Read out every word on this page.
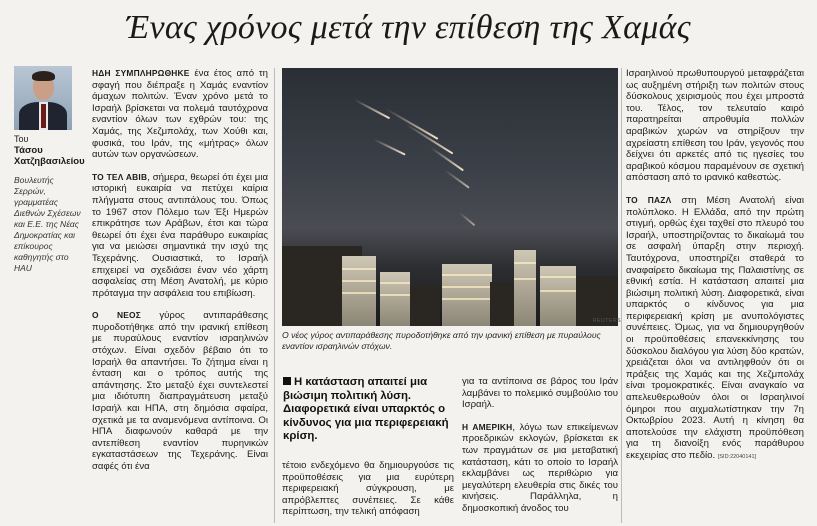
Ένας χρόνος μετά την επίθεση της Χαμάς
Του
Τάσου Χατζηβασιλείου
Βουλευτής Σερρών, γραμματέας Διεθνών Σχέσεων και Ε.Ε. της Νέας Δημοκρατίας και επίκουρος καθηγητής στο HAU

ΗΔΗ ΣΥΜΠΛΗΡΩΘΗΚΕ ένα έτος από τη σφαγή που διέπραξε η Χαμάς εναντίον άμαχων πολιτών. Έναν χρόνο μετά το Ισραήλ βρίσκεται να πολεμά ταυτόχρονα εναντίον όλων των εχθρών του: της Χαμάς, της Χεζμπολάχ, των Χούθι και, φυσικά, του Ιράν, της «μήτρας» όλων αυτών των οργανώσεων.

ΤΟ ΤΕΛ ΑΒΙΒ, σήμερα, θεωρεί ότι έχει μια ιστορική ευκαιρία να πετύχει καίρια πλήγματα στους αντιπάλους του. Όπως το 1967 στον Πόλεμο των Έξι Ημερών επικράτησε των Αράβων, έτσι και τώρα θεωρεί ότι έχει ένα παράθυρο ευκαιρίας για να μειώσει σημαντικά την ισχύ της Τεχεράνης. Ουσιαστικά, το Ισραήλ επιχειρεί να σχεδιάσει έναν νέο χάρτη ασφαλείας στη Μέση Ανατολή, με κύριο πρόταγμα την ασφάλεια του επιβίωση.

Ο ΝΕΟΣ γύρος αντιπαράθεσης πυροδοτήθηκε από την ιρανική επίθεση με πυραύλους εναντίον ισραηλινών στόχων. Είναι σχεδόν βέβαιο ότι το Ισραήλ θα απαντήσει. Το ζήτημα είναι η ένταση και ο τρόπος αυτής της απάντησης. Στο μεταξύ έχει συντελεστεί μια ιδιότυπη διαπραγμάτευση μεταξύ Ισραήλ και ΗΠΑ, στη δημόσια σφαίρα, σχετικά με τα αναμενόμενα αντίποινα. Οι ΗΠΑ διαφωνούν καθαρά με την αντεπίθεση εναντίον πυρηνικών εγκαταστάσεων της Τεχεράνης. Είναι σαφές ότι ένα

REUTERS
Ο νέος γύρος αντιπαράθεσης πυροδοτήθηκε από την ιρανική επίθεση με πυραύλους εναντίον ισραηλινών στόχων.
Η κατάσταση απαιτεί μια βιώσιμη πολιτική λύση. Διαφορετικά είναι υπαρκτός ο κίνδυνος για μια περιφερειακή κρίση.

τέτοιο ενδεχόμενο θα δημιουργούσε τις προϋποθέσεις για μια ευρύτερη περιφερειακή σύγκρουση, με απρόβλεπτες συνέπειες. Σε κάθε περίπτωση, την τελική απόφαση

για τα αντίποινα σε βάρος του Ιράν λαμβάνει το πολεμικό συμβούλιο του Ισραήλ.

Η ΑΜΕΡΙΚΗ, λόγω των επικείμενων προεδρικών εκλογών, βρίσκεται εκ των πραγμάτων σε μια μεταβατική κατάσταση, κάτι το οποίο το Ισραήλ εκλαμβάνει ως περιθώριο για μεγαλύτερη ελευθερία στις δικές του κινήσεις. Παράλληλα, η δημοσκοπική άνοδος του

Ισραηλινού πρωθυπουργού μεταφράζεται ως αυξημένη στήριξη των πολιτών στους δύσκολους χειρισμούς που έχει μπροστά του. Τέλος, τον τελευταίο καιρό παρατηρείται απροθυμία πολλών αραβικών χωρών να στηρίξουν την αχρείαστη επίθεση του Ιράν, γεγονός που δείχνει ότι αρκετές από τις ηγεσίες του αραβικού κόσμου παραμένουν σε σχετική απόσταση από το ιρανικό καθεστώς.

ΤΟ ΠΑΖΛ στη Μέση Ανατολή είναι πολύπλοκο. Η Ελλάδα, από την πρώτη στιγμή, ορθώς έχει ταχθεί στο πλευρό του Ισραήλ, υποστηρίζοντας το δικαίωμά του σε ασφαλή ύπαρξη στην περιοχή. Ταυτόχρονα, υποστηρίζει σταθερά το αναφαίρετο δικαίωμα της Παλαιστίνης σε εθνική εστία. Η κατάσταση απαιτεί μια βιώσιμη πολιτική λύση. Διαφορετικά, είναι υπαρκτός ο κίνδυνος για μια περιφερειακή κρίση με ανυπολόγιστες συνέπειες. Όμως, για να δημιουργηθούν οι προϋποθέσεις επανεκκίνησης του δύσκολου διαλόγου για λύση δύο κρατών, χρειάζεται όλοι να αντιληφθούν ότι οι πράξεις της Χαμάς και της Χεζμπολάχ είναι τρομοκρατικές. Είναι αναγκαίο να απελευθερωθούν όλοι οι Ισραηλινοί όμηροι που αιχμαλωτίστηκαν την 7η Οκτωβρίου 2023. Αυτή η κίνηση θα αποτελούσε την ελάχιστη προϋπόθεση για τη διανοίξη ενός παράθυρου εκεχειρίας στο πεδίο. [SID:22040141]
